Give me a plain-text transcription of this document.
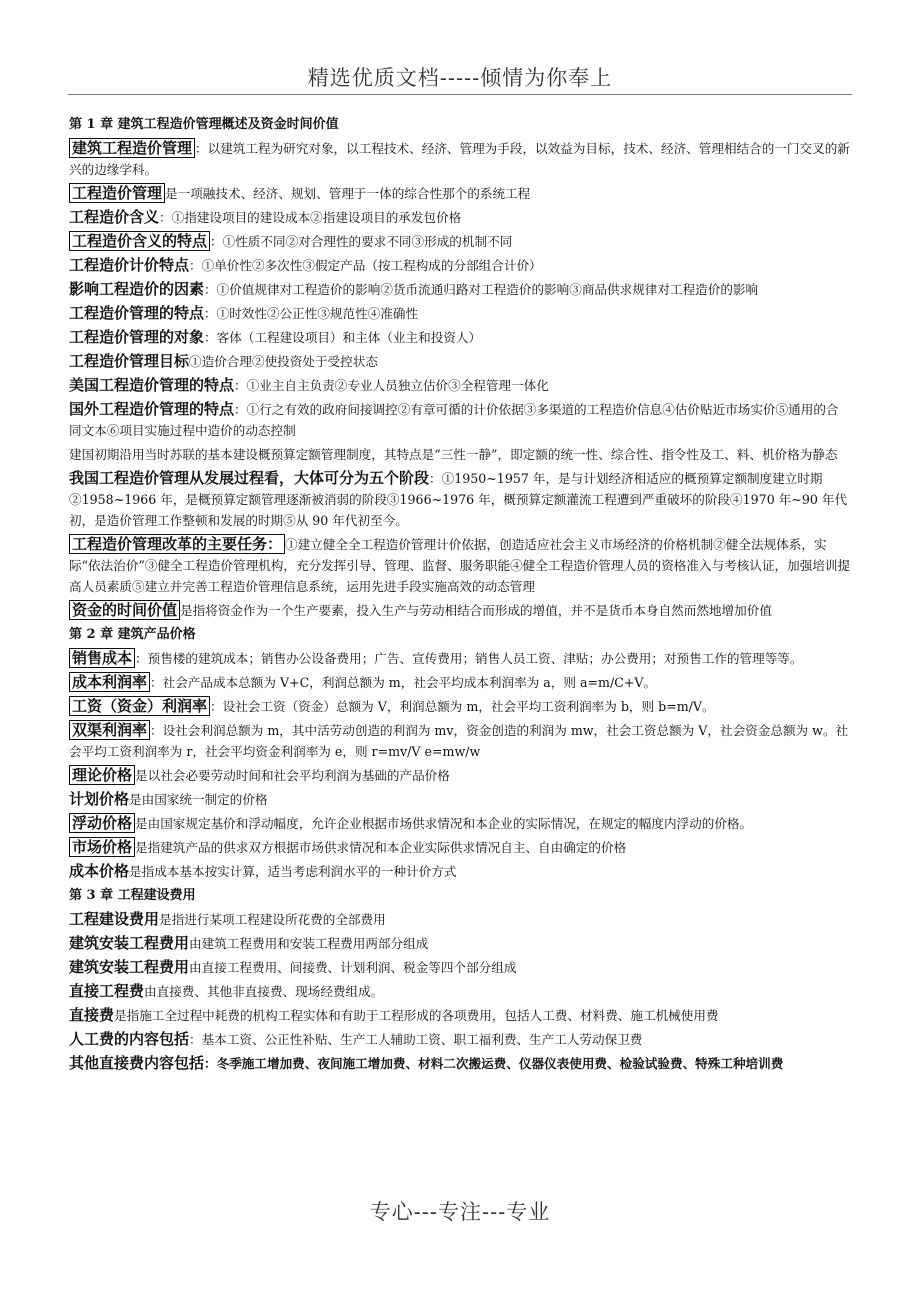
精选优质文档-----倾情为你奉上
第 1 章 建筑工程造价管理概述及资金时间价值

建筑工程造价管理 ：以建筑工程为研究对象，以工程技术、经济、管理为手段，以效益为目标，技术、经济、管理相结合的一门交叉的新兴的边缘学科。

工程造价管理 是一项融技术、经济、规划、管理于一体的综合性那个的系统工程

工程造价含义：①指建设项目的建设成本②指建设项目的承发包价格

工程造价含义的特点 ：①性质不同②对合理性的要求不同③形成的机制不同

工程造价计价特点：①单价性②多次性③假定产品（按工程构成的分部组合计价）

影响工程造价的因素：①价值规律对工程造价的影响②货币流通归路对工程造价的影响③商品供求规律对工程造价的影响

工程造价管理的特点：①时效性②公正性③规范性④准确性

工程造价管理的对象：客体（工程建设项目）和主体（业主和投资人）

工程造价管理目标①造价合理②使投资处于受控状态

美国工程造价管理的特点：①业主自主负责②专业人员独立估价③全程管理一体化

国外工程造价管理的特点：①行之有效的政府间接调控②有章可循的计价依据③多渠道的工程造价信息④估价贴近市场实价⑤通用的合同文本⑥项目实施过程中造价的动态控制

建国初期沿用当时苏联的基本建设概预算定额管理制度，其特点是“三性一静”，即定额的统一性、综合性、指令性及工、料、机价格为静态

我国工程造价管理从发展过程看，大体可分为五个阶段：①1950~1957 年，是与计划经济相适应的概预算定额制度建立时期②1958~1966 年，是概预算定额管理逐渐被消弱的阶段③1966~1976 年，概预算定额灌流工程遭到严重破坏的阶段④1970 年~90 年代初，是造价管理工作整顿和发展的时期⑤从 90 年代初至今。

工程造价管理改革的主要任务： ①建立健全全工程造价管理计价依据，创造适应社会主义市场经济的价格机制②健全法规体系，实际“依法治价”③健全工程造价管理机构，充分发挥引导、管理、监督、服务职能④健全工程造价管理人员的资格准入与考核认证，加强培训提高人员素质⑤建立并完善工程造价管理信息系统，运用先进手段实施高效的动态管理

资金的时间价值 是指将资金作为一个生产要素，投入生产与劳动相结合而形成的增值，并不是货币本身自然而然地增加价值

第 2 章 建筑产品价格

销售成本 ：预售楼的建筑成本；销售办公设备费用；广告、宣传费用；销售人员工资、津贴；办公费用；对预售工作的管理等等。

成本利润率 ：社会产品成本总额为 V+C，利润总额为 m，社会平均成本利润率为 a，则 a=m/C+V。

工资（资金）利润率 ：设社会工资（资金）总额为 V，利润总额为 m，社会平均工资利润率为 b，则 b=m/V。

双渠利润率 ：设社会利润总额为 m，其中活劳动创造的利润为 mv，资金创造的利润为 mw，社会工资总额为 V，社会资金总额为 w。社会平均工资利润率为 r，社会平均资金利润率为 e，则 r=mv/V e=mw/w

理论价格 是以社会必要劳动时间和社会平均利润为基础的产品价格

计划价格是由国家统一制定的价格

浮动价格 是由国家规定基价和浮动幅度，允许企业根据市场供求情况和本企业的实际情况，在规定的幅度内浮动的价格。

市场价格 是指建筑产品的供求双方根据市场供求情况和本企业实际供求情况自主、自由确定的价格

成本价格是指成本基本按实计算，适当考虑利润水平的一种计价方式

第 3 章 工程建设费用

工程建设费用是指进行某项工程建设所花费的全部费用

建筑安装工程费用由建筑工程费用和安装工程费用两部分组成

建筑安装工程费用由直接工程费用、间接费、计划利润、税金等四个部分组成

直接工程费由直接费、其他非直接费、现场经费组成。

直接费是指施工全过程中耗费的机构工程实体和有助于工程形成的各项费用，包括人工费、材料费、施工机械使用费

人工费的内容包括：基本工资、公正性补贴、生产工人辅助工资、职工福利费、生产工人劳动保卫费

其他直接费内容包括：冬季施工增加费、夜间施工增加费、材料二次搬运费、仪器仪表使用费、检验试验费、特殊工种培训费

专心---专注---专业
